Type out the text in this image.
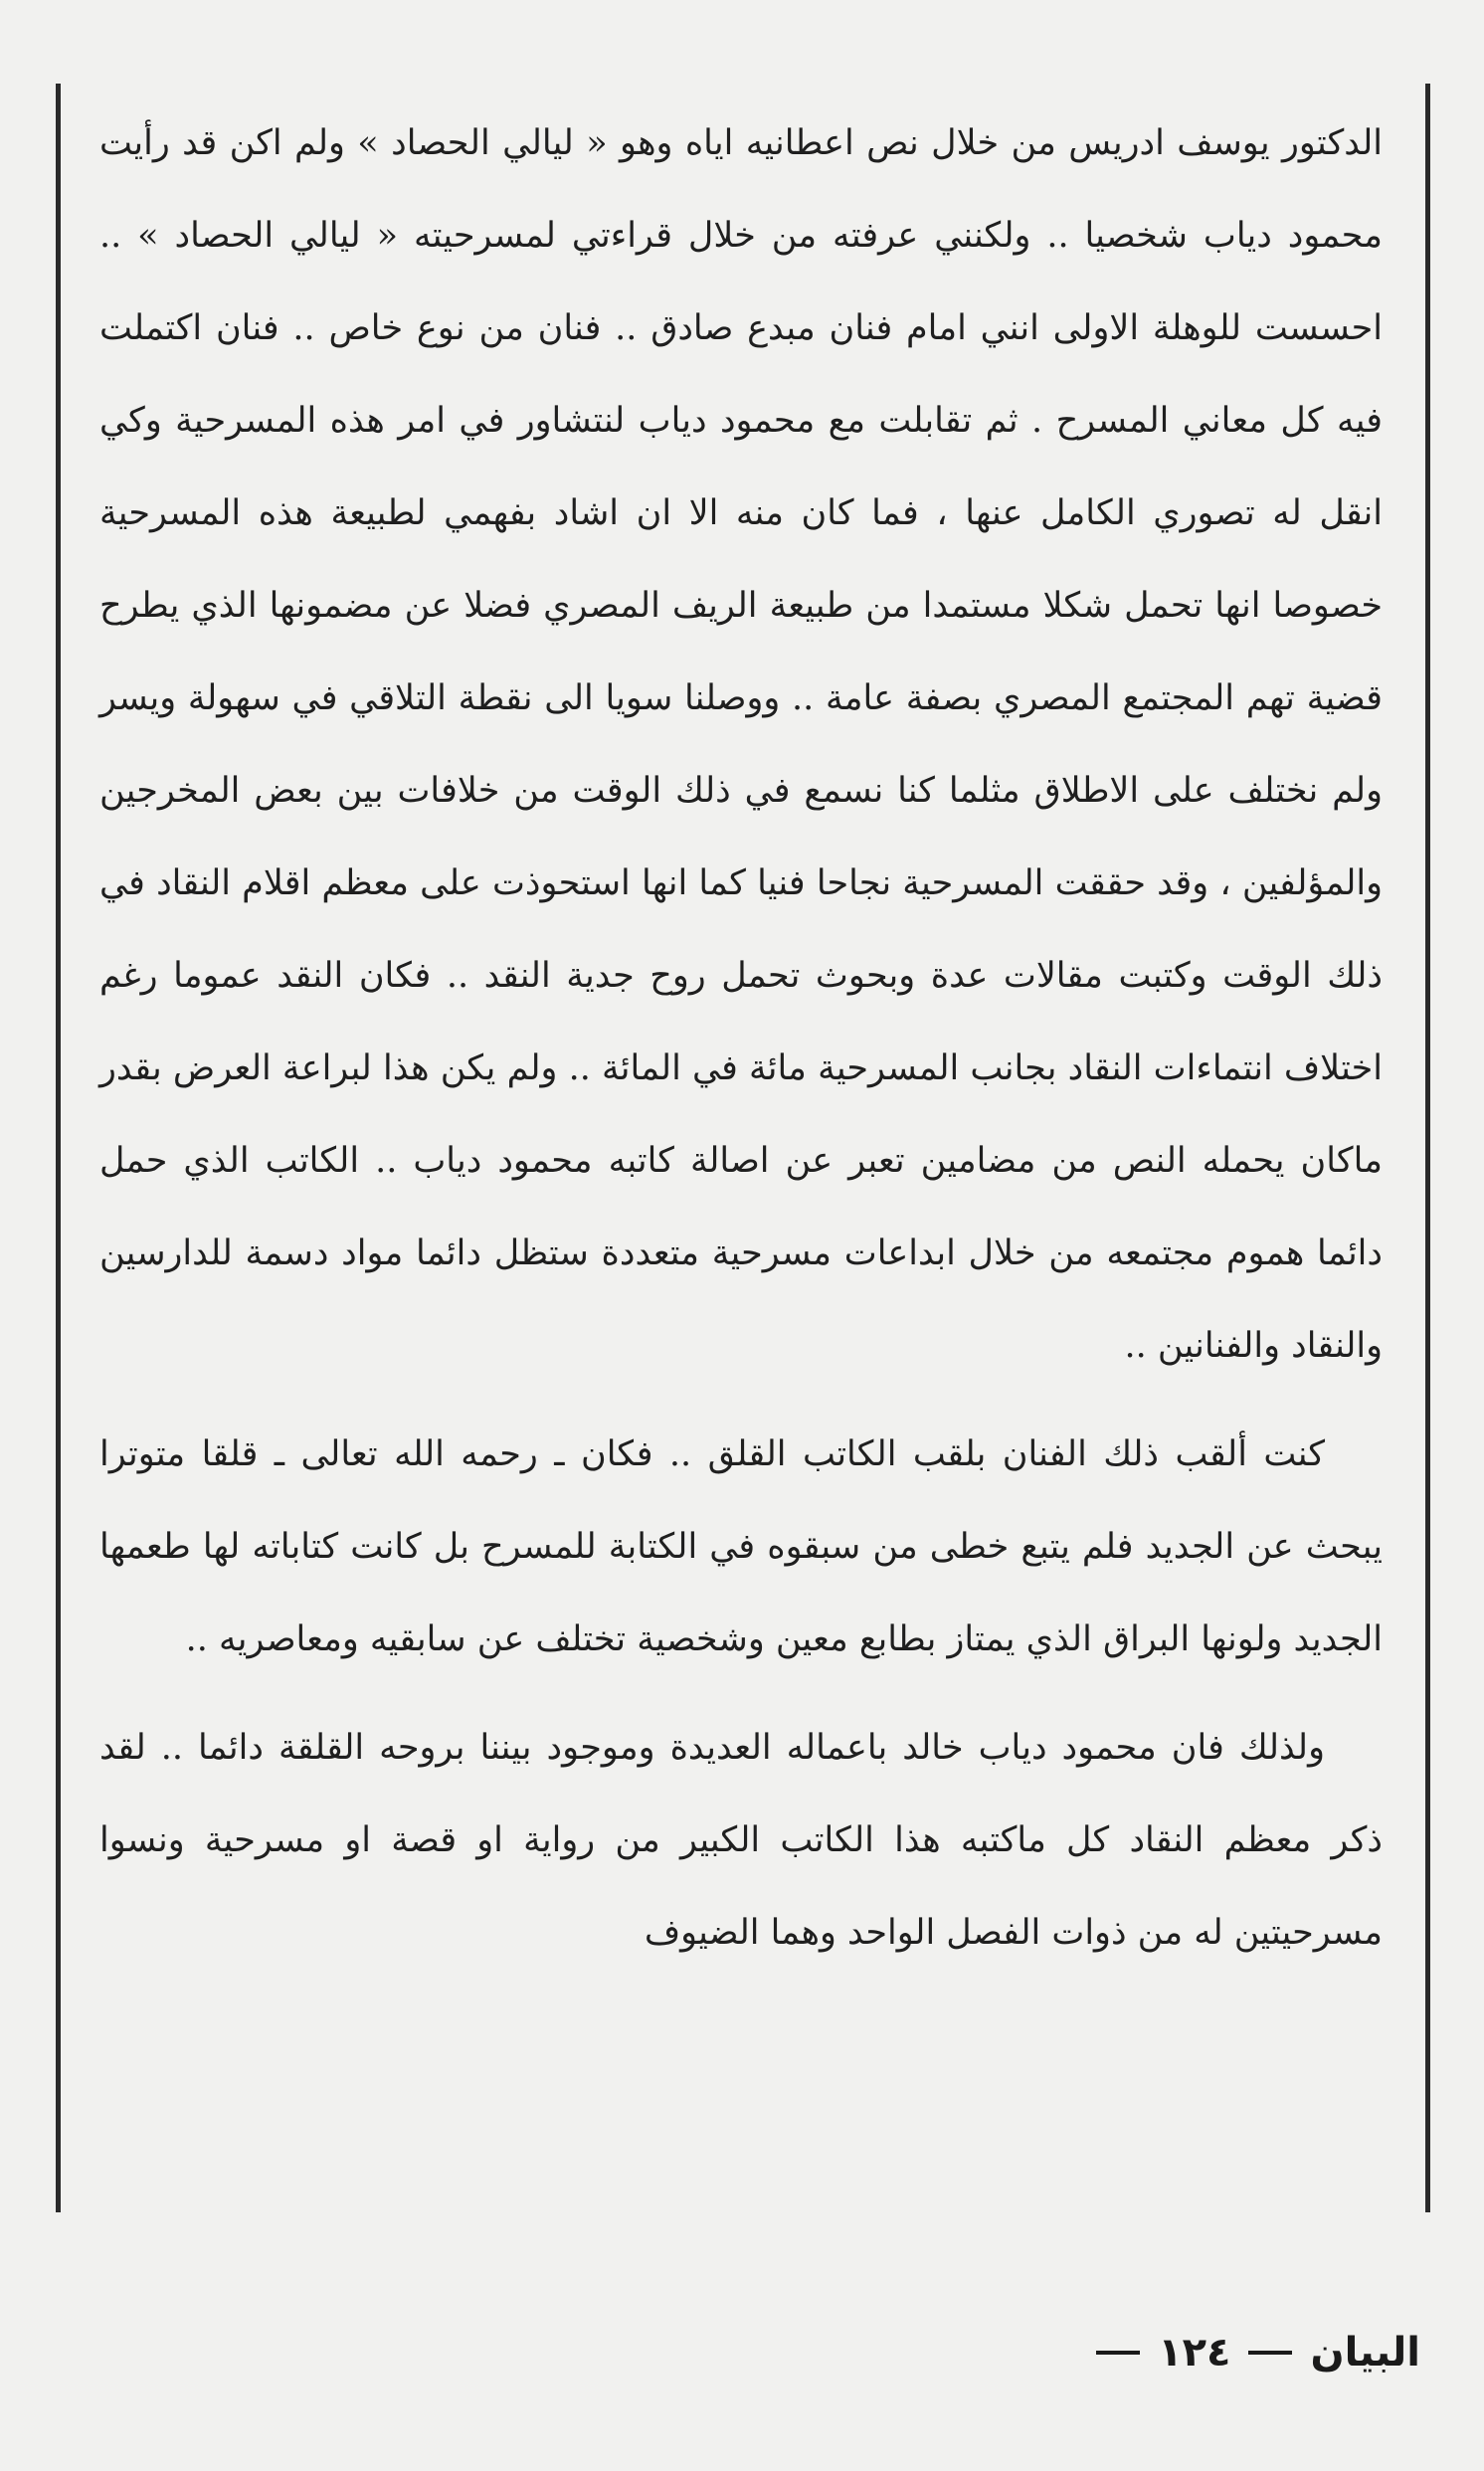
الدكتور يوسف ادريس من خلال نص اعطانيه اياه وهو « ليالي الحصاد » ولم اكن قد رأيت محمود دياب شخصيا .. ولكنني عرفته من خلال قراءتي لمسرحيته « ليالي الحصاد » .. احسست للوهلة الاولى انني امام فنان مبدع صادق .. فنان من نوع خاص .. فنان اكتملت فيه كل معاني المسرح . ثم تقابلت مع محمود دياب لنتشاور في امر هذه المسرحية وكي انقل له تصوري الكامل عنها ، فما كان منه الا ان اشاد بفهمي لطبيعة هذه المسرحية خصوصا انها تحمل شكلا مستمدا من طبيعة الريف المصري فضلا عن مضمونها الذي يطرح قضية تهم المجتمع المصري بصفة عامة .. ووصلنا سويا الى نقطة التلاقي في سهولة ويسر ولم نختلف على الاطلاق مثلما كنا نسمع في ذلك الوقت من خلافات بين بعض المخرجين والمؤلفين ، وقد حققت المسرحية نجاحا فنيا كما انها استحوذت على معظم اقلام النقاد في ذلك الوقت وكتبت مقالات عدة وبحوث تحمل روح جدية النقد .. فكان النقد عموما رغم اختلاف انتماءات النقاد بجانب المسرحية مائة في المائة .. ولم يكن هذا لبراعة العرض بقدر ماكان يحمله النص من مضامين تعبر عن اصالة كاتبه محمود دياب .. الكاتب الذي حمل دائما هموم مجتمعه من خلال ابداعات مسرحية متعددة ستظل دائما مواد دسمة للدارسين والنقاد والفنانين ..

كنت ألقب ذلك الفنان بلقب الكاتب القلق .. فكان ـ رحمه الله تعالى ـ قلقا متوترا يبحث عن الجديد فلم يتبع خطى من سبقوه في الكتابة للمسرح بل كانت كتاباته لها طعمها الجديد ولونها البراق الذي يمتاز بطابع معين وشخصية تختلف عن سابقيه ومعاصريه ..

ولذلك فان محمود دياب خالد باعماله العديدة وموجود بيننا بروحه القلقة دائما .. لقد ذكر معظم النقاد كل ماكتبه هذا الكاتب الكبير من رواية او قصة او مسرحية ونسوا مسرحيتين له من ذوات الفصل الواحد وهما الضيوف

البيان
١٢٤
